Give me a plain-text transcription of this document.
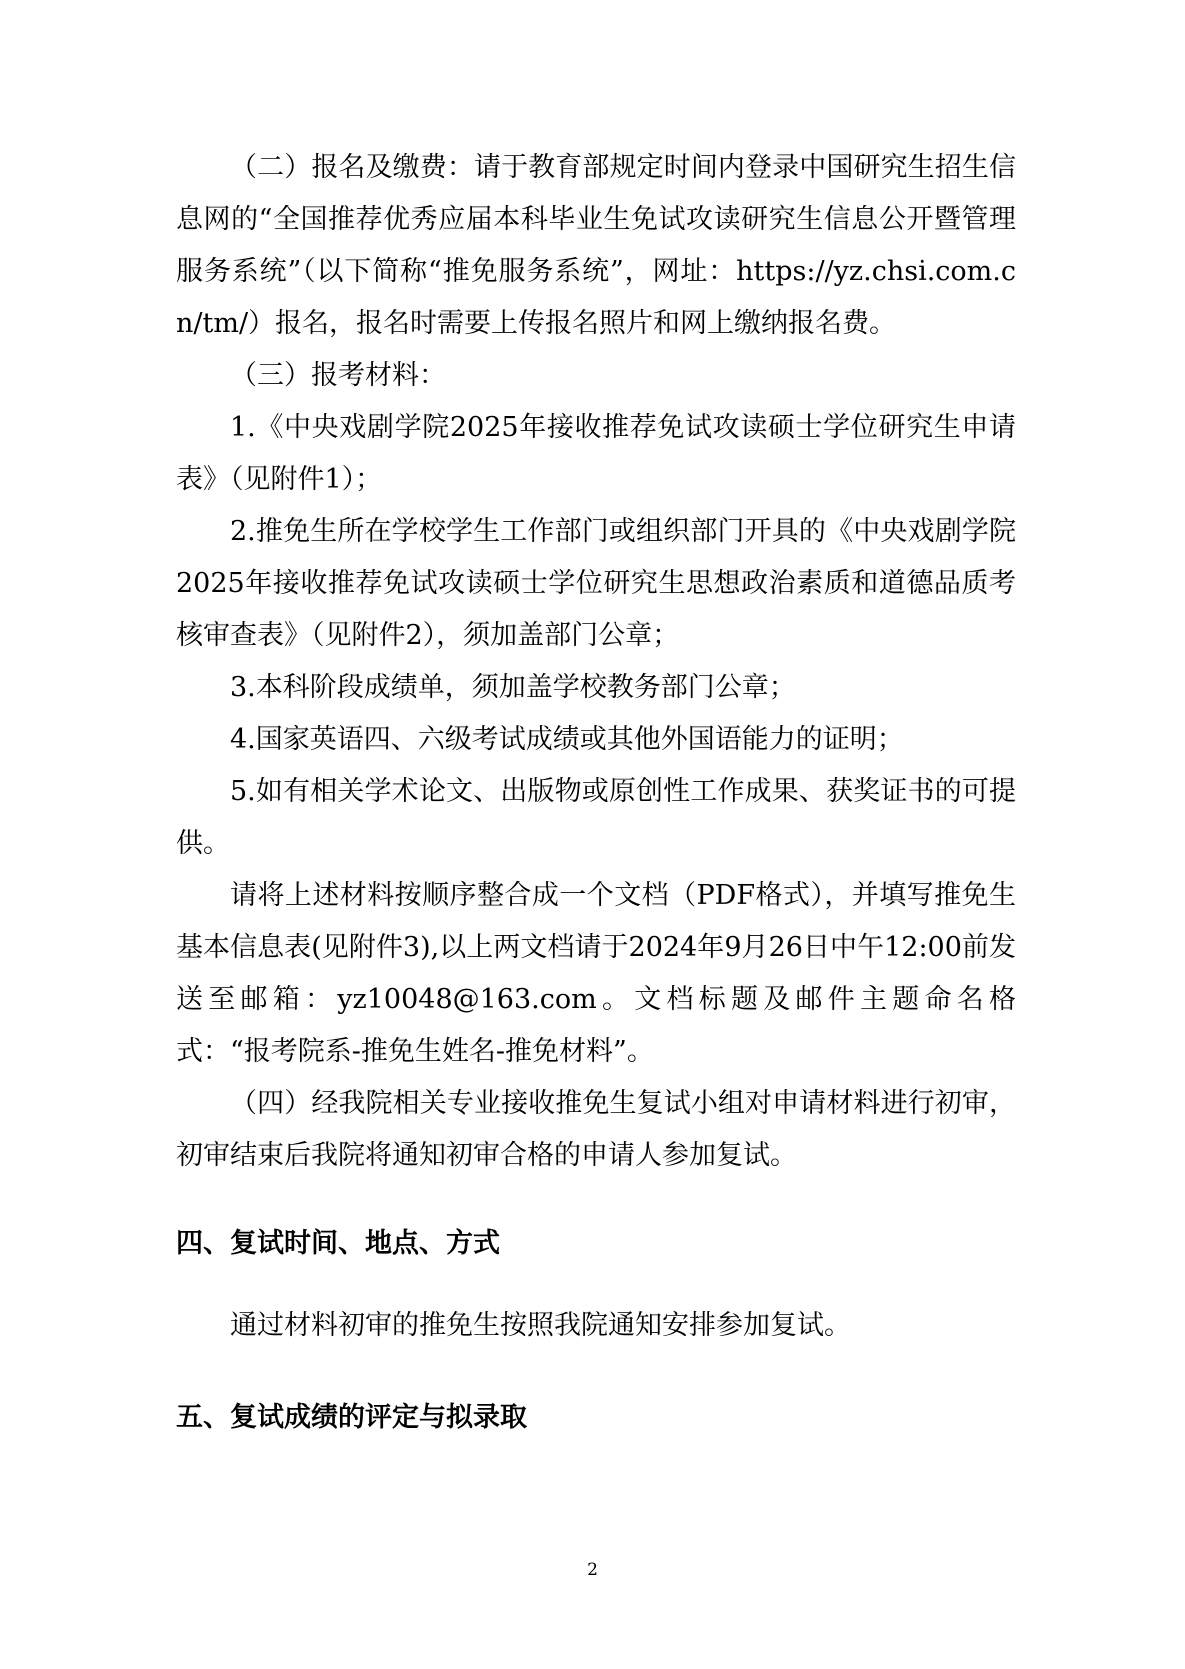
（二）报名及缴费：请于教育部规定时间内登录中国研究生招生信息网的“全国推荐优秀应届本科毕业生免试攻读研究生信息公开暨管理服务系统”（以下简称“推免服务系统”，网址：https://yz.chsi.com.cn/tm/）报名，报名时需要上传报名照片和网上缴纳报名费。

（三）报考材料：

1.《中央戏剧学院2025年接收推荐免试攻读硕士学位研究生申请表》（见附件1）；

2.推免生所在学校学生工作部门或组织部门开具的《中央戏剧学院2025年接收推荐免试攻读硕士学位研究生思想政治素质和道德品质考核审查表》（见附件2），须加盖部门公章；

3.本科阶段成绩单，须加盖学校教务部门公章；

4.国家英语四、六级考试成绩或其他外国语能力的证明；

5.如有相关学术论文、出版物或原创性工作成果、获奖证书的可提供。

请将上述材料按顺序整合成一个文档（PDF格式），并填写推免生基本信息表(见附件3),以上两文档请于2024年9月26日中午12:00前发送至邮箱：yz10048@163.com。文档标题及邮件主题命名格式：“报考院系-推免生姓名-推免材料”。

（四）经我院相关专业接收推免生复试小组对申请材料进行初审，初审结束后我院将通知初审合格的申请人参加复试。

四、复试时间、地点、方式

通过材料初审的推免生按照我院通知安排参加复试。

五、复试成绩的评定与拟录取
2
